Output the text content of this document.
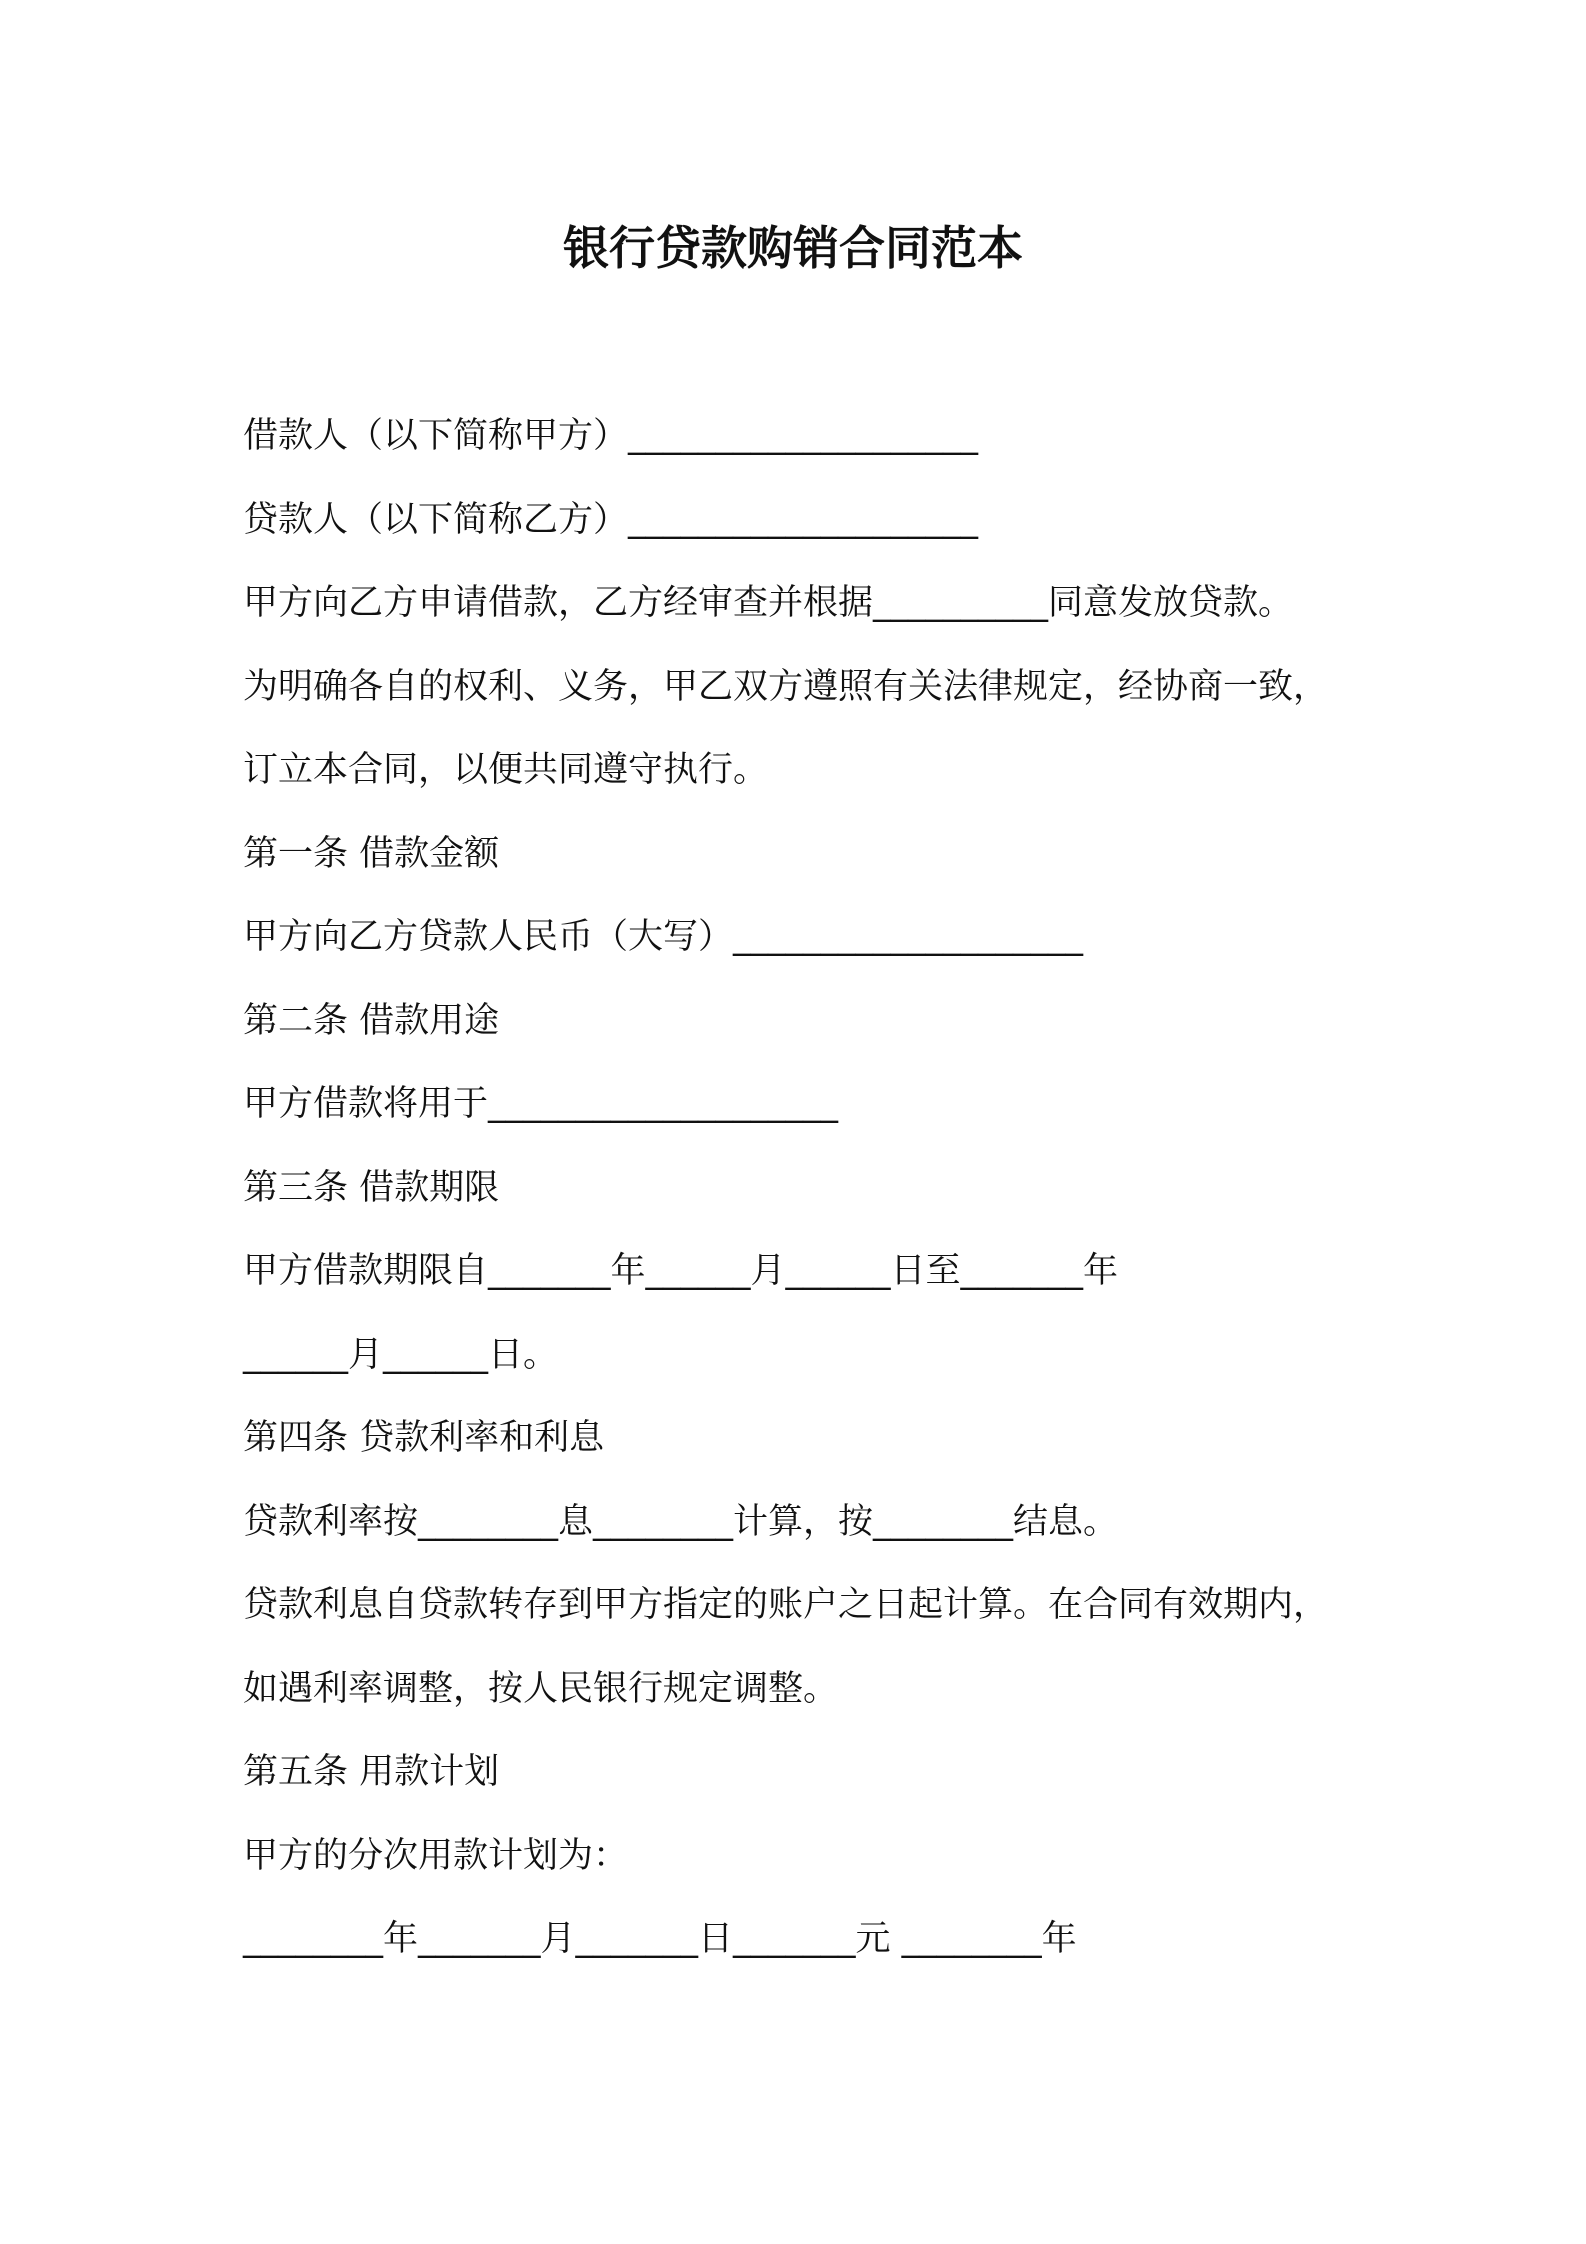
银行贷款购销合同范本
借款人（以下简称甲方）____________________
贷款人（以下简称乙方）____________________
甲方向乙方申请借款，乙方经审查并根据__________同意发放贷款。
为明确各自的权利、义务，甲乙双方遵照有关法律规定，经协商一致，
订立本合同，以便共同遵守执行。
第一条 借款金额
甲方向乙方贷款人民币（大写）____________________
第二条 借款用途
甲方借款将用于____________________
第三条 借款期限
甲方借款期限自_______年______月______日至_______年
______月______日。
第四条 贷款利率和利息
贷款利率按________息________计算，按________结息。
贷款利息自贷款转存到甲方指定的账户之日起计算。在合同有效期内，
如遇利率调整，按人民银行规定调整。
第五条 用款计划
甲方的分次用款计划为：
________年_______月_______日_______元 ________年
